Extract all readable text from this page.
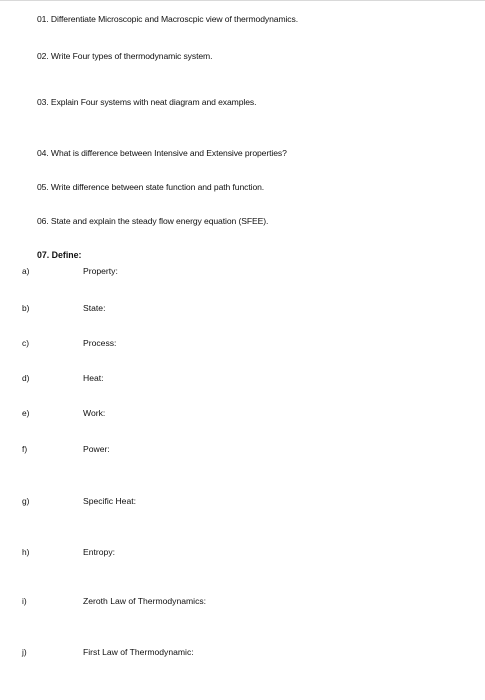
01. Differentiate Microscopic and Macroscpic view of thermodynamics.
02. Write Four types of thermodynamic system.
03. Explain Four systems with neat diagram and examples.
04. What is difference between Intensive and Extensive properties?
05. Write difference between state function and path function.
06. State and explain the steady flow energy equation (SFEE).
07. Define:
a)	Property:
b)	State:
c)	Process:
d)	Heat:
e)	Work:
f)	Power:
g)	Specific Heat:
h)	Entropy:
i)	Zeroth Law of Thermodynamics:
j)	First Law of Thermodynamic:
